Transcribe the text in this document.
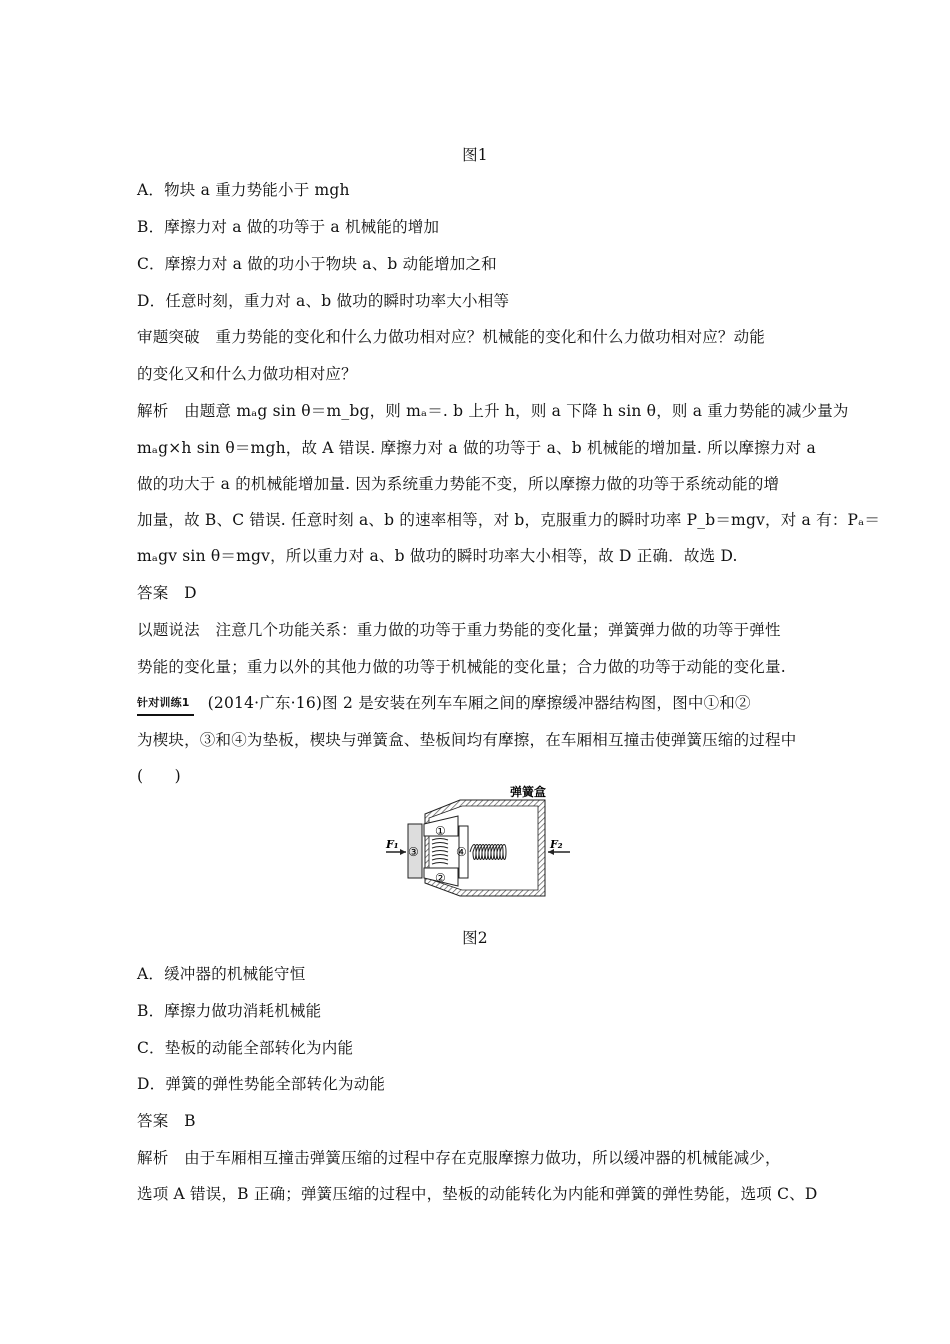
图1
A．物块 a 重力势能小于 mgh
B．摩擦力对 a 做的功等于 a 机械能的增加
C．摩擦力对 a 做的功小于物块 a、b 动能增加之和
D．任意时刻，重力对 a、b 做功的瞬时功率大小相等
审题突破　重力势能的变化和什么力做功相对应？机械能的变化和什么力做功相对应？动能
的变化又和什么力做功相对应？
解析　由题意 mₐg sin θ＝m_bg，则 mₐ＝. b 上升 h，则 a 下降 h sin θ，则 a 重力势能的减少量为
mₐg×h sin θ＝mgh，故 A 错误. 摩擦力对 a 做的功等于 a、b 机械能的增加量. 所以摩擦力对 a
做的功大于 a 的机械能增加量. 因为系统重力势能不变，所以摩擦力做的功等于系统动能的增
加量，故 B、C 错误. 任意时刻 a、b 的速率相等，对 b，克服重力的瞬时功率 P_b＝mgv，对 a 有：Pₐ＝
mₐgv sin θ＝mgv，所以重力对 a、b 做功的瞬时功率大小相等，故 D 正确．故选 D.
答案　D
以题说法　注意几个功能关系：重力做的功等于重力势能的变化量；弹簧弹力做的功等于弹性
势能的变化量；重力以外的其他力做的功等于机械能的变化量；合力做的功等于动能的变化量.
针对训练1 (2014·广东·16)图 2 是安装在列车车厢之间的摩擦缓冲器结构图，图中①和②
为楔块，③和④为垫板，楔块与弹簧盒、垫板间均有摩擦，在车厢相互撞击使弹簧压缩的过程中
(　　)
弹簧盒
③	④
①
②
F₁	F₂
图2
A．缓冲器的机械能守恒
B．摩擦力做功消耗机械能
C．垫板的动能全部转化为内能
D．弹簧的弹性势能全部转化为动能
答案　B
解析　由于车厢相互撞击弹簧压缩的过程中存在克服摩擦力做功，所以缓冲器的机械能减少，
选项 A 错误，B 正确；弹簧压缩的过程中，垫板的动能转化为内能和弹簧的弹性势能，选项 C、D
